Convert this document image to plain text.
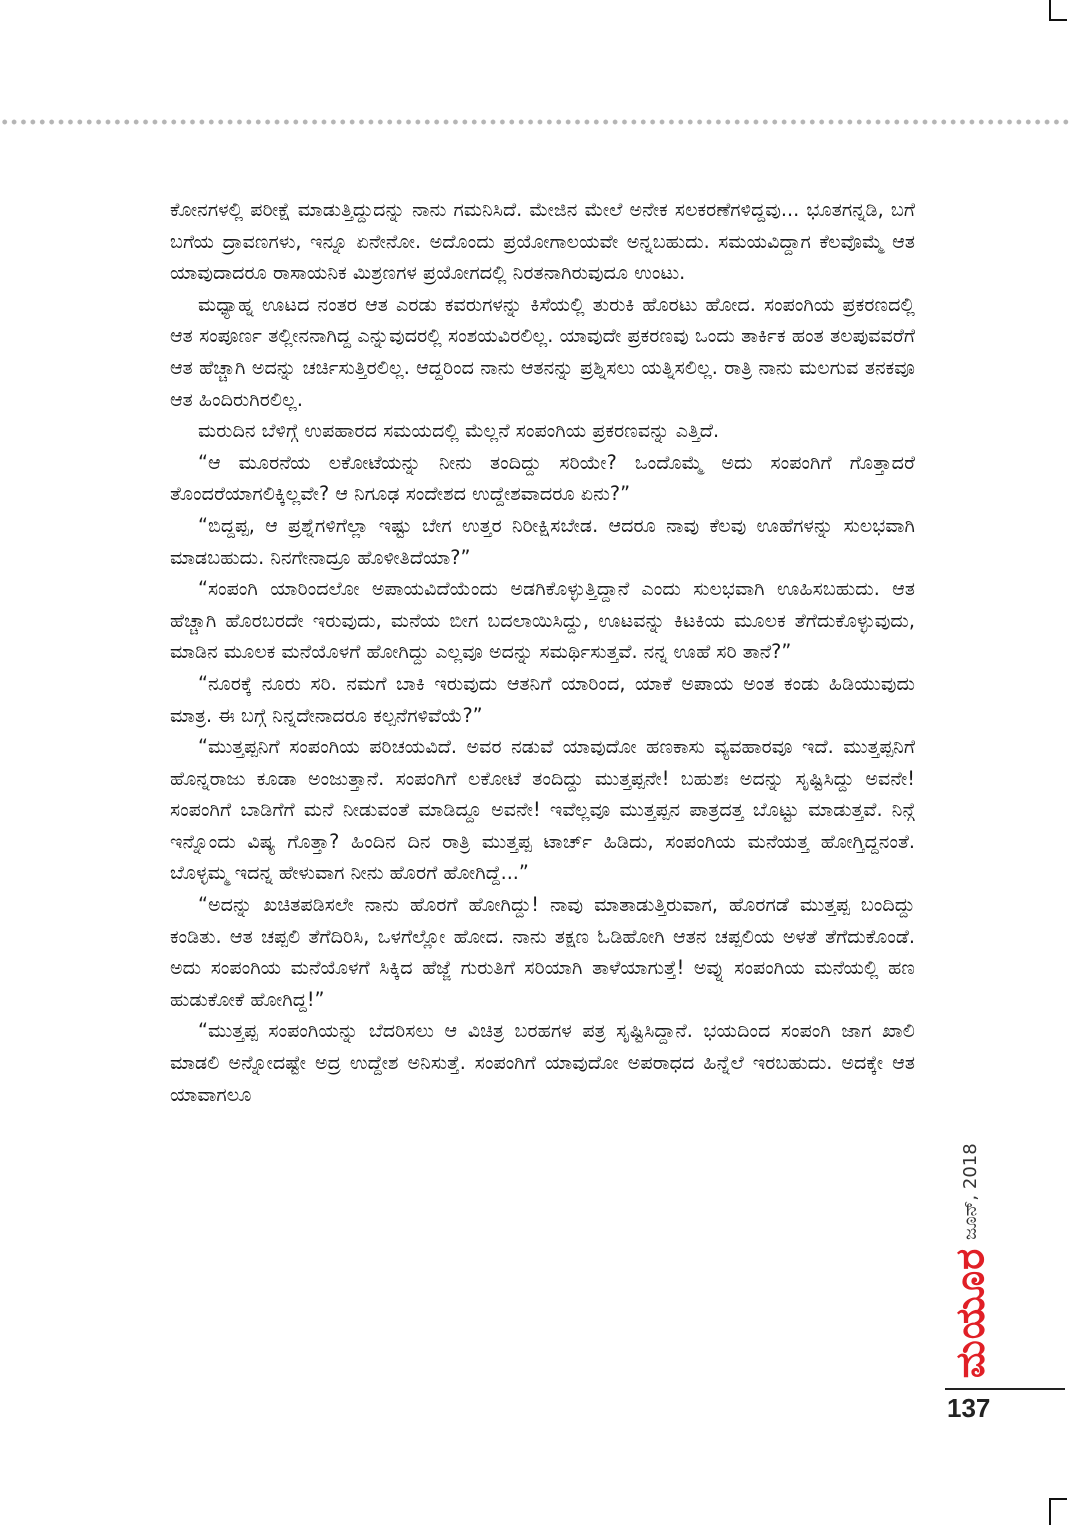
ಕೋನಗಳಲ್ಲಿ ಪರೀಕ್ಷೆ ಮಾಡುತ್ತಿದ್ದುದನ್ನು ನಾನು ಗಮನಿಸಿದೆ. ಮೇಜಿನ ಮೇಲೆ ಅನೇಕ ಸಲಕರಣೆಗಳಿದ್ದವು... ಭೂತಗನ್ನಡಿ, ಬಗೆ ಬಗೆಯ ದ್ರಾವಣಗಳು, ಇನ್ನೂ ಏನೇನೋ. ಅದೊಂದು ಪ್ರಯೋಗಾಲಯವೇ ಅನ್ನಬಹುದು. ಸಮಯವಿದ್ದಾಗ ಕೆಲವೊಮ್ಮೆ ಆತ ಯಾವುದಾದರೂ ರಾಸಾಯನಿಕ ಮಿಶ್ರಣಗಳ ಪ್ರಯೋಗದಲ್ಲಿ ನಿರತನಾಗಿರುವುದೂ ಉಂಟು.

ಮಧ್ಯಾಹ್ನ ಊಟದ ನಂತರ ಆತ ಎರಡು ಕವರುಗಳನ್ನು ಕಿಸೆಯಲ್ಲಿ ತುರುಕಿ ಹೊರಟು ಹೋದ. ಸಂಪಂಗಿಯ ಪ್ರಕರಣದಲ್ಲಿ ಆತ ಸಂಪೂರ್ಣ ತಲ್ಲೀನನಾಗಿದ್ದ ಎನ್ನುವುದರಲ್ಲಿ ಸಂಶಯವಿರಲಿಲ್ಲ. ಯಾವುದೇ ಪ್ರಕರಣವು ಒಂದು ತಾರ್ಕಿಕ ಹಂತ ತಲಪುವವರೆಗೆ ಆತ ಹೆಚ್ಚಾಗಿ ಅದನ್ನು ಚರ್ಚಿಸುತ್ತಿರಲಿಲ್ಲ. ಆದ್ದರಿಂದ ನಾನು ಆತನನ್ನು ಪ್ರಶ್ನಿಸಲು ಯತ್ನಿಸಲಿಲ್ಲ. ರಾತ್ರಿ ನಾನು ಮಲಗುವ ತನಕವೂ ಆತ ಹಿಂದಿರುಗಿರಲಿಲ್ಲ.

ಮರುದಿನ ಬೆಳಿಗ್ಗೆ ಉಪಹಾರದ ಸಮಯದಲ್ಲಿ ಮೆಲ್ಲನೆ ಸಂಪಂಗಿಯ ಪ್ರಕರಣವನ್ನು ಎತ್ತಿದೆ.

“ಆ ಮೂರನೆಯ ಲಕೋಟೆಯನ್ನು ನೀನು ತಂದಿದ್ದು ಸರಿಯೇ? ಒಂದೊಮ್ಮೆ ಅದು ಸಂಪಂಗಿಗೆ ಗೊತ್ತಾದರೆ ತೊಂದರೆಯಾಗಲಿಕ್ಕಿಲ್ಲವೇ? ಆ ನಿಗೂಢ ಸಂದೇಶದ ಉದ್ದೇಶವಾದರೂ ಏನು?”

“ಬಿದ್ದಪ್ಪ, ಆ ಪ್ರಶ್ನೆಗಳಿಗೆಲ್ಲಾ ಇಷ್ಟು ಬೇಗ ಉತ್ತರ ನಿರೀಕ್ಷಿಸಬೇಡ. ಆದರೂ ನಾವು ಕೆಲವು ಊಹೆಗಳನ್ನು ಸುಲಭವಾಗಿ ಮಾಡಬಹುದು. ನಿನಗೇನಾದ್ರೂ ಹೊಳೀತಿದೆಯಾ?”

“ಸಂಪಂಗಿ ಯಾರಿಂದಲೋ ಅಪಾಯವಿದೆಯೆಂದು ಅಡಗಿಕೊಳ್ಳುತ್ತಿದ್ದಾನೆ ಎಂದು ಸುಲಭವಾಗಿ ಊಹಿಸಬಹುದು. ಆತ ಹೆಚ್ಚಾಗಿ ಹೊರಬರದೇ ಇರುವುದು, ಮನೆಯ ಬೀಗ ಬದಲಾಯಿಸಿದ್ದು, ಊಟವನ್ನು ಕಿಟಕಿಯ ಮೂಲಕ ತೆಗೆದುಕೊಳ್ಳುವುದು, ಮಾಡಿನ ಮೂಲಕ ಮನೆಯೊಳಗೆ ಹೋಗಿದ್ದು ಎಲ್ಲವೂ ಅದನ್ನು ಸಮರ್ಥಿಸುತ್ತವೆ. ನನ್ನ ಊಹೆ ಸರಿ ತಾನೆ?”

“ನೂರಕ್ಕೆ ನೂರು ಸರಿ. ನಮಗೆ ಬಾಕಿ ಇರುವುದು ಆತನಿಗೆ ಯಾರಿಂದ, ಯಾಕೆ ಅಪಾಯ ಅಂತ ಕಂಡು ಹಿಡಿಯುವುದು ಮಾತ್ರ. ಈ ಬಗ್ಗೆ ನಿನ್ನದೇನಾದರೂ ಕಲ್ಪನೆಗಳಿವೆಯೆ?”

“ಮುತ್ತಪ್ಪನಿಗೆ ಸಂಪಂಗಿಯ ಪರಿಚಯವಿದೆ. ಅವರ ನಡುವೆ ಯಾವುದೋ ಹಣಕಾಸು ವ್ಯವಹಾರವೂ ಇದೆ. ಮುತ್ತಪ್ಪನಿಗೆ ಹೊನ್ನರಾಜು ಕೂಡಾ ಅಂಜುತ್ತಾನೆ. ಸಂಪಂಗಿಗೆ ಲಕೋಟೆ ತಂದಿದ್ದು ಮುತ್ತಪ್ಪನೇ! ಬಹುಶಃ ಅದನ್ನು ಸೃಷ್ಟಿಸಿದ್ದು ಅವನೇ! ಸಂಪಂಗಿಗೆ ಬಾಡಿಗೆಗೆ ಮನೆ ನೀಡುವಂತೆ ಮಾಡಿದ್ದೂ ಅವನೇ! ಇವೆಲ್ಲವೂ ಮುತ್ತಪ್ಪನ ಪಾತ್ರದತ್ತ ಬೊಟ್ಟು ಮಾಡುತ್ತವೆ. ನಿನ್ಗೆ ಇನ್ನೊಂದು ವಿಷ್ಯ ಗೊತ್ತಾ? ಹಿಂದಿನ ದಿನ ರಾತ್ರಿ ಮುತ್ತಪ್ಪ ಟಾರ್ಚ್ ಹಿಡಿದು, ಸಂಪಂಗಿಯ ಮನೆಯತ್ತ ಹೋಗ್ತಿದ್ದನಂತೆ. ಬೊಳ್ಳಮ್ಮ ಇದನ್ನ ಹೇಳುವಾಗ ನೀನು ಹೊರಗೆ ಹೋಗಿದ್ದೆ...”

“ಅದನ್ನು ಖಚಿತಪಡಿಸಲೇ ನಾನು ಹೊರಗೆ ಹೋಗಿದ್ದು! ನಾವು ಮಾತಾಡುತ್ತಿರುವಾಗ, ಹೊರಗಡೆ ಮುತ್ತಪ್ಪ ಬಂದಿದ್ದು ಕಂಡಿತು. ಆತ ಚಪ್ಪಲಿ ತೆಗೆದಿರಿಸಿ, ಒಳಗೆಲ್ಲೋ ಹೋದ. ನಾನು ತಕ್ಷಣ ಓಡಿಹೋಗಿ ಆತನ ಚಪ್ಪಲಿಯ ಅಳತೆ ತೆಗೆದುಕೊಂಡೆ. ಅದು ಸಂಪಂಗಿಯ ಮನೆಯೊಳಗೆ ಸಿಕ್ಕಿದ ಹೆಜ್ಜೆ ಗುರುತಿಗೆ ಸರಿಯಾಗಿ ತಾಳೆಯಾಗುತ್ತೆ! ಅವ್ನು ಸಂಪಂಗಿಯ ಮನೆಯಲ್ಲಿ ಹಣ ಹುಡುಕೋಕೆ ಹೋಗಿದ್ದ!”

“ಮುತ್ತಪ್ಪ ಸಂಪಂಗಿಯನ್ನು ಬೆದರಿಸಲು ಆ ವಿಚಿತ್ರ ಬರಹಗಳ ಪತ್ರ ಸೃಷ್ಟಿಸಿದ್ದಾನೆ. ಭಯದಿಂದ ಸಂಪಂಗಿ ಜಾಗ ಖಾಲಿ ಮಾಡಲಿ ಅನ್ನೋದಷ್ಟೇ ಅದ್ರ ಉದ್ದೇಶ ಅನಿಸುತ್ತೆ. ಸಂಪಂಗಿಗೆ ಯಾವುದೋ ಅಪರಾಧದ ಹಿನ್ನೆಲೆ ಇರಬಹುದು. ಅದಕ್ಕೇ ಆತ ಯಾವಾಗಲೂ

ಜೂನ್, 2018
ಮಯೂರ
137
